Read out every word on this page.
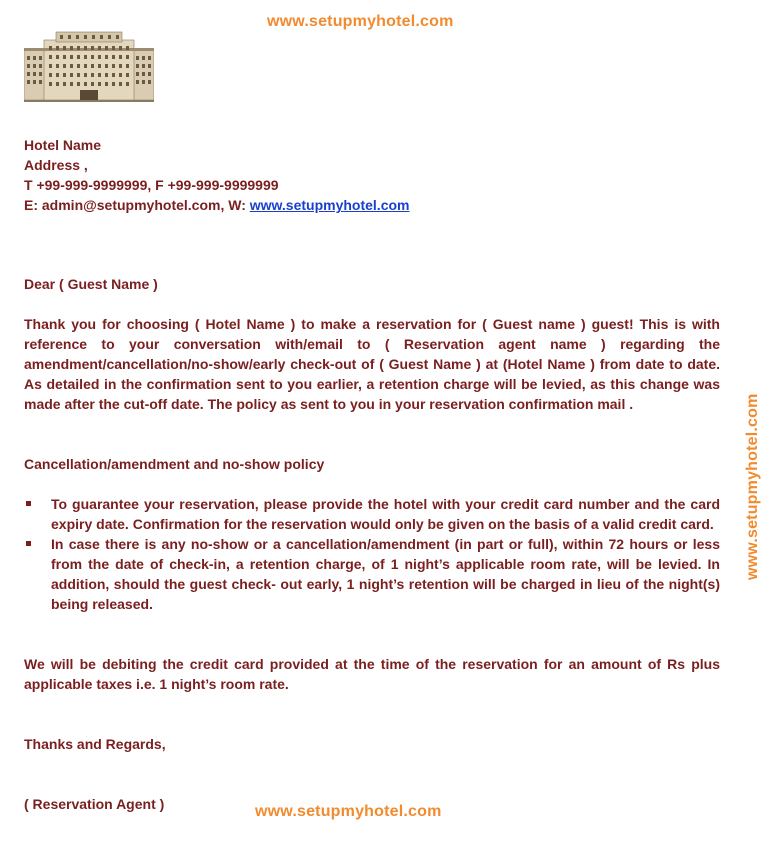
www.setupmyhotel.com
www.setupmyhotel.com
www.setupmyhotel.com
Hotel Name
Address ,
T +99-999-9999999, F +99-999-9999999
E: admin@setupmyhotel.com, W: www.setupmyhotel.com
Dear ( Guest Name )
Thank you for choosing ( Hotel Name ) to make a reservation for ( Guest name ) guest! This is with reference to your conversation with/email to ( Reservation agent name ) regarding the amendment/cancellation/no-show/early check-out of ( Guest Name ) at (Hotel Name ) from date to date. As detailed in the confirmation sent to you earlier, a retention charge will be levied, as this change was made after the cut-off date. The policy as sent to you in your reservation confirmation mail .
Cancellation/amendment and no-show policy
To guarantee your reservation, please provide the hotel with your credit card number and the card expiry date. Confirmation for the reservation would only be given on the basis of a valid credit card.
In case there is any no-show or a cancellation/amendment (in part or full), within 72 hours or less from the date of check-in, a retention charge, of 1 night’s applicable room rate, will be levied. In addition, should the guest check- out early, 1 night’s retention will be charged in lieu of the night(s) being released.
We will be debiting the credit card provided at the time of the reservation for an amount of Rs plus applicable taxes i.e. 1 night’s room rate.
Thanks and Regards,
( Reservation Agent )
